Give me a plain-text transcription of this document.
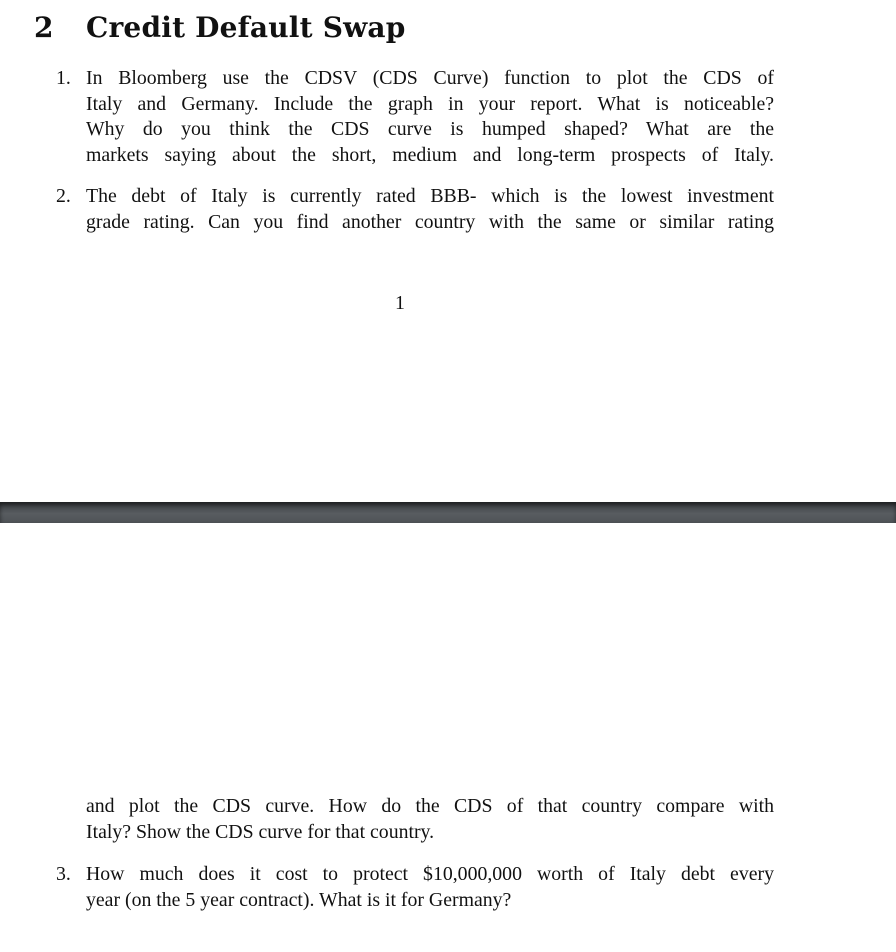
2 Credit Default Swap
1. In Bloomberg use the CDSV (CDS Curve) function to plot the CDS of
Italy and Germany. Include the graph in your report. What is noticeable?
Why do you think the CDS curve is humped shaped? What are the
markets saying about the short, medium and long-term prospects of Italy.
2. The debt of Italy is currently rated BBB- which is the lowest investment
grade rating. Can you find another country with the same or similar rating
1
and plot the CDS curve. How do the CDS of that country compare with
Italy? Show the CDS curve for that country.
3. How much does it cost to protect $10,000,000 worth of Italy debt every
year (on the 5 year contract). What is it for Germany?
